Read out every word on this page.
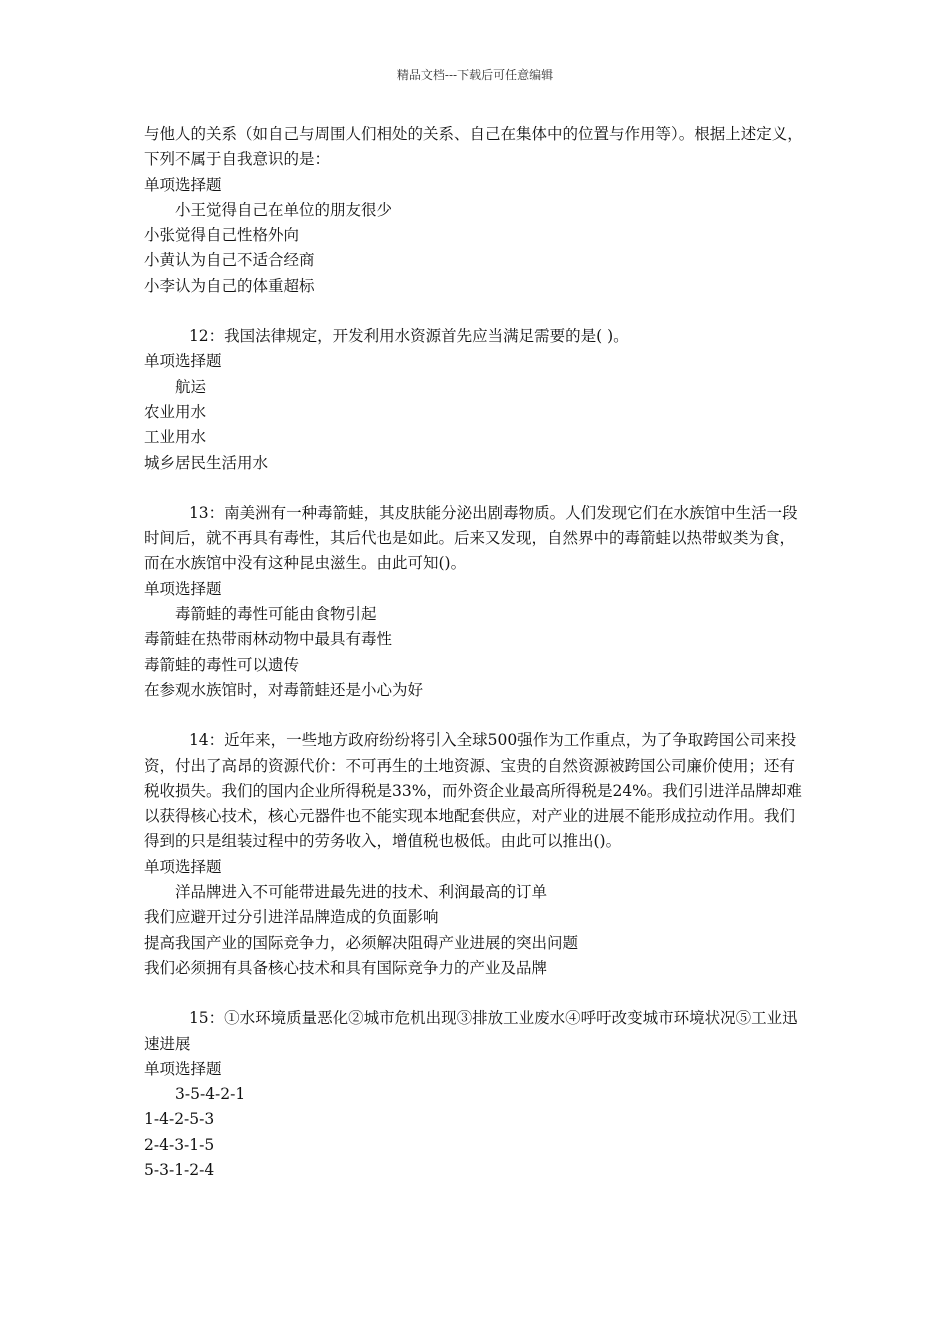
精品文档---下载后可任意编辑

与他人的关系（如自己与周围人们相处的关系、自己在集体中的位置与作用等）。根据上述定义，下列不属于自我意识的是：

单项选择题

小王觉得自己在单位的朋友很少

小张觉得自己性格外向

小黄认为自己不适合经商

小李认为自己的体重超标

12：我国法律规定，开发利用水资源首先应当满足需要的是( )。

单项选择题

航运

农业用水

工业用水

城乡居民生活用水

13：南美洲有一种毒箭蛙，其皮肤能分泌出剧毒物质。人们发现它们在水族馆中生活一段时间后，就不再具有毒性，其后代也是如此。后来又发现，自然界中的毒箭蛙以热带蚁类为食，而在水族馆中没有这种昆虫滋生。由此可知()。

单项选择题

毒箭蛙的毒性可能由食物引起

毒箭蛙在热带雨林动物中最具有毒性

毒箭蛙的毒性可以遗传

在参观水族馆时，对毒箭蛙还是小心为好

14：近年来，一些地方政府纷纷将引入全球500强作为工作重点，为了争取跨国公司来投资，付出了高昂的资源代价：不可再生的土地资源、宝贵的自然资源被跨国公司廉价使用；还有税收损失。我们的国内企业所得税是33%，而外资企业最高所得税是24%。我们引进洋品牌却难以获得核心技术，核心元器件也不能实现本地配套供应，对产业的进展不能形成拉动作用。我们得到的只是组装过程中的劳务收入，增值税也极低。由此可以推出()。

单项选择题

洋品牌进入不可能带进最先进的技术、利润最高的订单

我们应避开过分引进洋品牌造成的负面影响

提高我国产业的国际竞争力，必须解决阻碍产业进展的突出问题

我们必须拥有具备核心技术和具有国际竞争力的产业及品牌

15：①水环境质量恶化②城市危机出现③排放工业废水④呼吁改变城市环境状况⑤工业迅速进展

单项选择题

3-5-4-2-1

1-4-2-5-3

2-4-3-1-5

5-3-1-2-4
